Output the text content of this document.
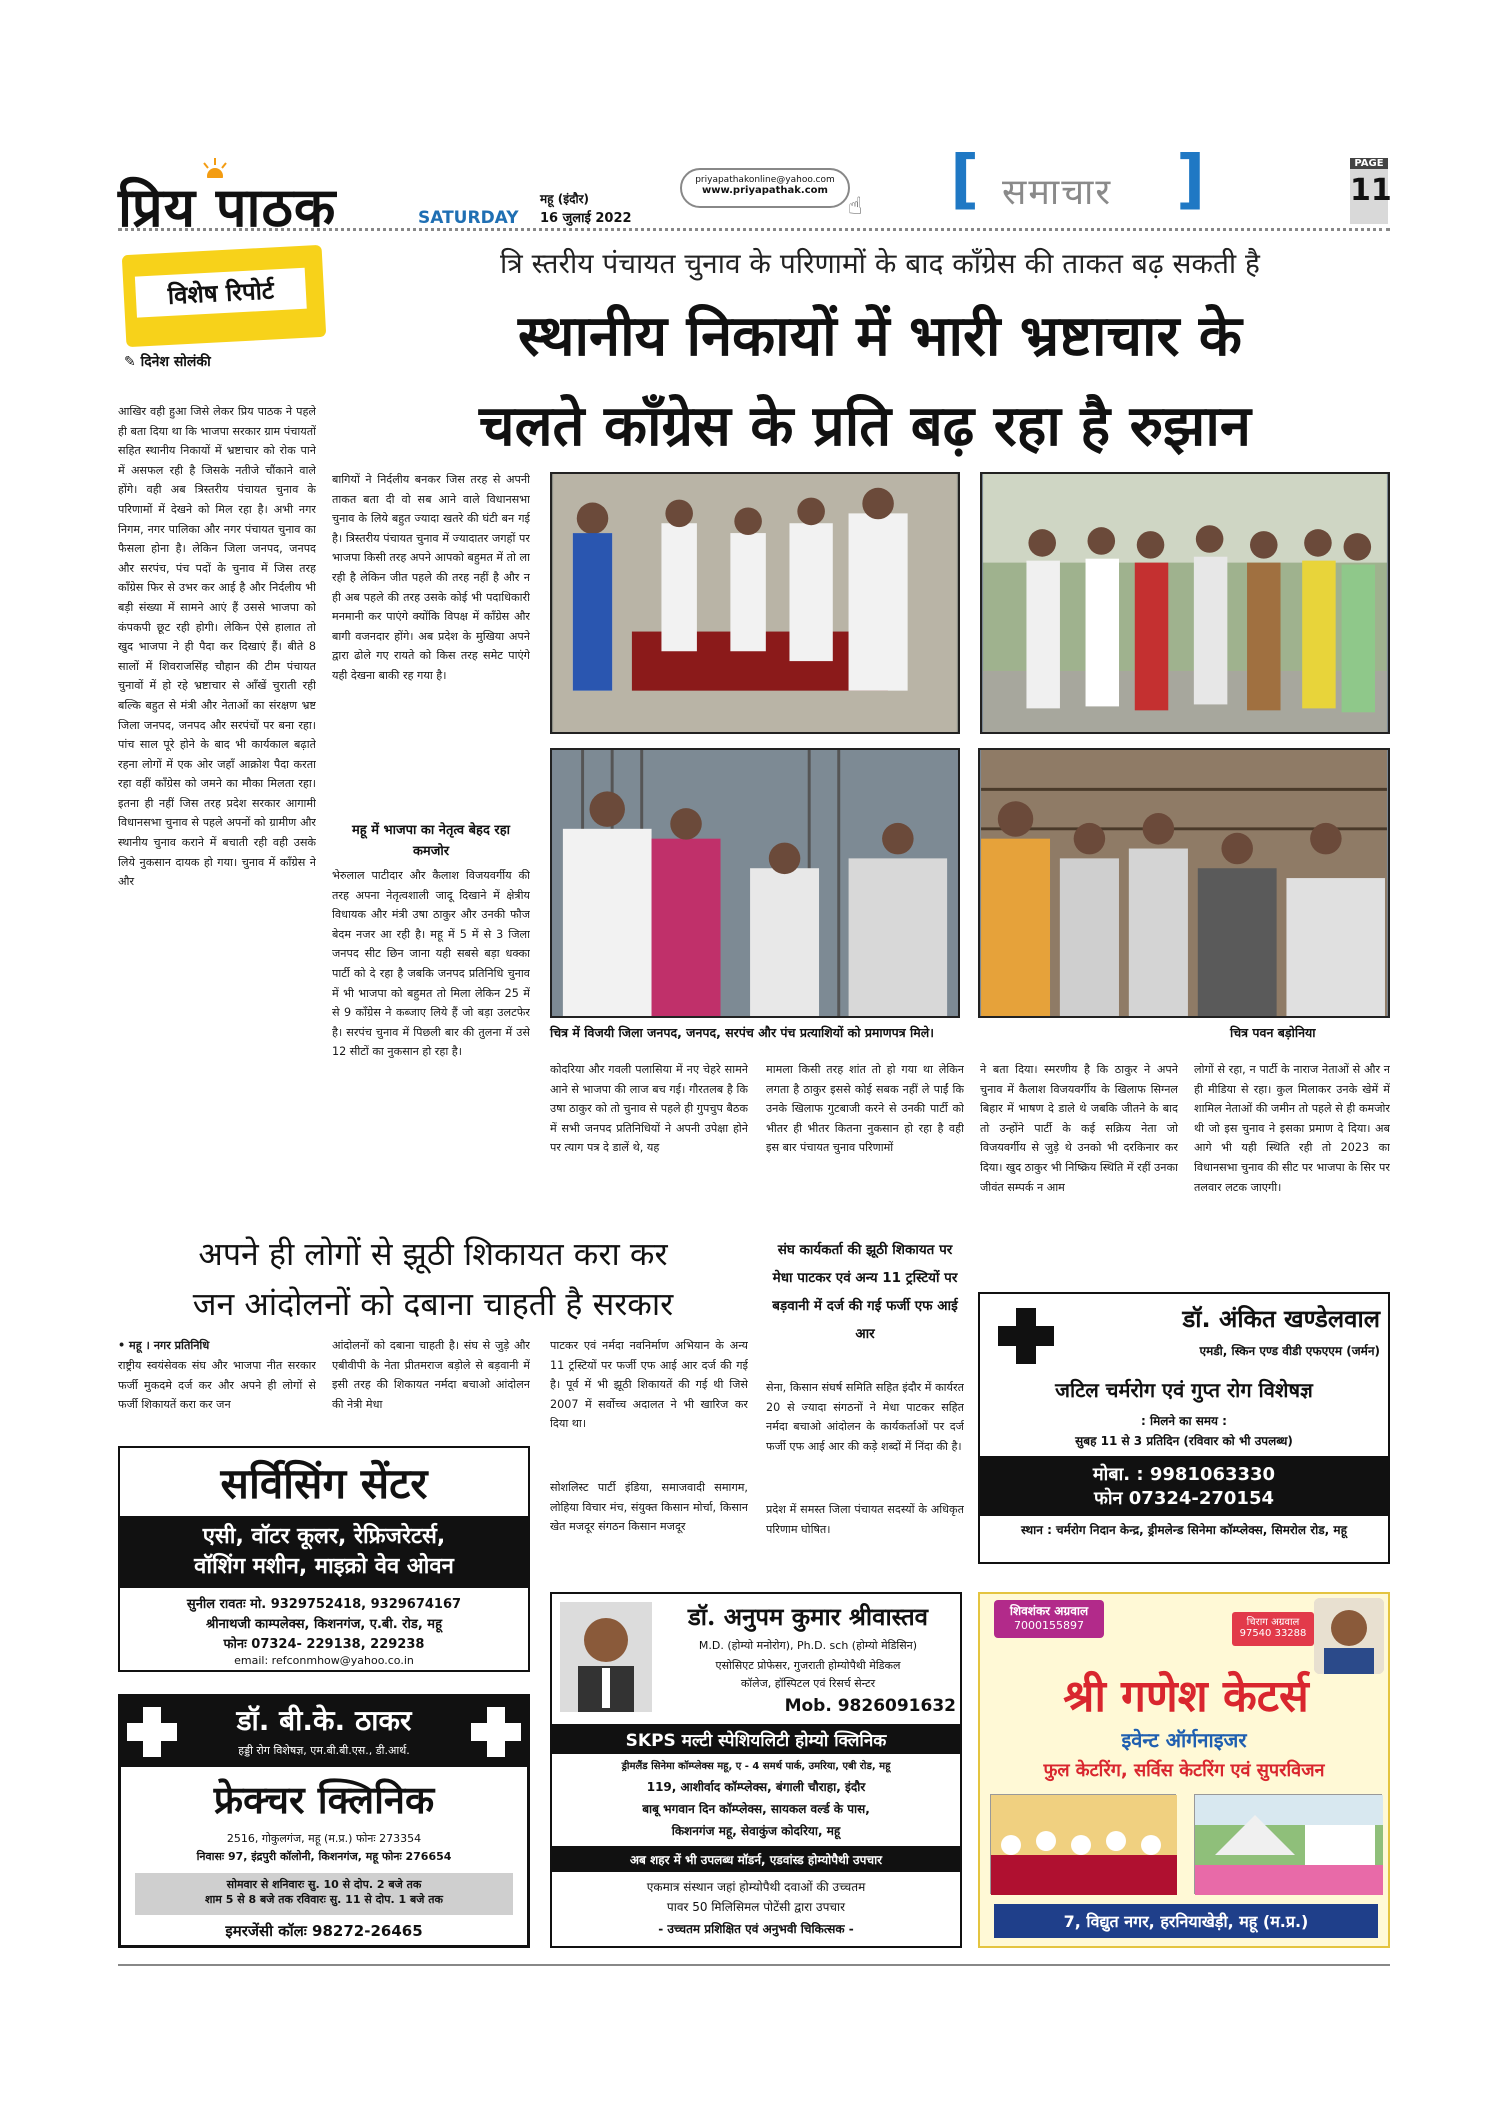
प्रिय पाठक	SATURDAY
महू (इंदौर)
16 जुलाई 2022
priyapathakonline@yahoo.com
www.priyapathak.com
☝ [ समाचार ]	PAGE
11
विशेष रिपोर्ट
✎ दिनेश सोलंकी
त्रि स्तरीय पंचायत चुनाव के परिणामों के बाद कॉंग्रेस की ताकत बढ़ सकती है
स्थानीय निकायों में भारी भ्रष्टाचार के
चलते कॉंग्रेस के प्रति बढ़ रहा है रुझान
आखिर वही हुआ जिसे लेकर प्रिय पाठक ने पहले ही बता दिया था कि भाजपा सरकार ग्राम पंचायतों सहित स्थानीय निकायों में भ्रष्टाचार को रोक पाने में असफल रही है जिसके नतीजे चौंकाने वाले होंगे। वही अब त्रिस्तरीय पंचायत चुनाव के परिणामों में देखने को मिल रहा है। अभी नगर निगम, नगर पालिका और नगर पंचायत चुनाव का फैसला होना है। लेकिन जिला जनपद, जनपद और सरपंच, पंच पदों के चुनाव में जिस तरह कॉंग्रेस फिर से उभर कर आई है और निर्दलीय भी बड़ी संख्या में सामने आएं हैं उससे भाजपा को कंपकपी छूट रही होगी। लेकिन ऐसे हालात तो खुद भाजपा ने ही पैदा कर दिखाएं हैं। बीते 8 सालों में शिवराजसिंह चौहान की टीम पंचायत चुनावों में हो रहे भ्रष्टाचार से आँखें चुराती रही बल्कि बहुत से मंत्री और नेताओं का संरक्षण भ्रष्ट जिला जनपद, जनपद और सरपंचों पर बना रहा। पांच साल पूरे होने के बाद भी कार्यकाल बढ़ाते रहना लोगों में एक ओर जहाँ आक्रोश पैदा करता रहा वहीं कॉंग्रेस को जमने का मौका मिलता रहा। इतना ही नहीं जिस तरह प्रदेश सरकार आगामी विधानसभा चुनाव से पहले अपनों को ग्रामीण और स्थानीय चुनाव कराने में बचाती रही वही उसके लिये नुकसान दायक हो गया। चुनाव में कॉंग्रेस ने और
बागियों ने निर्दलीय बनकर जिस तरह से अपनी ताकत बता दी वो सब आने वाले विधानसभा चुनाव के लिये बहुत ज्यादा खतरे की घंटी बन गई है। त्रिस्तरीय पंचायत चुनाव में ज्यादातर जगहों पर भाजपा किसी तरह अपने आपको बहुमत में तो ला रही है लेकिन जीत पहले की तरह नहीं है और न ही अब पहले की तरह उसके कोई भी पदाधिकारी मनमानी कर पाएंगे क्योंकि विपक्ष में कॉंग्रेस और बागी वजनदार होंगे। अब प्रदेश के मुखिया अपने द्वारा ढोले गए रायते को किस तरह समेट पाएंगे यही देखना बाकी रह गया है।
महू में भाजपा का नेतृत्व बेहद रहा कमजोर
भेरुलाल पाटीदार और कैलाश विजयवर्गीय की तरह अपना नेतृत्वशाली जादू दिखाने में क्षेत्रीय विधायक और मंत्री उषा ठाकुर और उनकी फौज बेदम नजर आ रही है। महू में 5 में से 3 जिला जनपद सीट छिन जाना यही सबसे बड़ा धक्का पार्टी को दे रहा है जबकि जनपद प्रतिनिधि चुनाव में भी भाजपा को बहुमत तो मिला लेकिन 25 में से 9 कॉंग्रेस ने कब्जाए लिये हैं जो बड़ा उलटफेर है। सरपंच चुनाव में पिछली बार की तुलना में उसे 12 सीटों का नुकसान हो रहा है।
चित्र में विजयी जिला जनपद, जनपद, सरपंच और पंच प्रत्याशियों को प्रमाणपत्र मिले।	चित्र पवन बड़ोनिया
कोदरिया और गवली पलासिया में नए चेहरे सामने आने से भाजपा की लाज बच गई। गौरतलब है कि उषा ठाकुर को तो चुनाव से पहले ही गुपचुप बैठक में सभी जनपद प्रतिनिधियों ने अपनी उपेक्षा होने पर त्याग पत्र दे डालें थे, यह
मामला किसी तरह शांत तो हो गया था लेकिन लगता है ठाकुर इससे कोई सबक नहीं ले पाईं कि उनके खिलाफ गुटबाजी करने से उनकी पार्टी को भीतर ही भीतर कितना नुकसान हो रहा है वही इस बार पंचायत चुनाव परिणामों
ने बता दिया। स्मरणीय है कि ठाकुर ने अपने चुनाव में कैलाश विजयवर्गीय के खिलाफ सिग्नल बिहार में भाषण दे डाले थे जबकि जीतने के बाद तो उन्होंने पार्टी के कई सक्रिय नेता जो विजयवर्गीय से जुड़े थे उनको भी दरकिनार कर दिया। खुद ठाकुर भी निष्क्रिय स्थिति में रहीं उनका जीवंत सम्पर्क न आम
लोगों से रहा, न पार्टी के नाराज नेताओं से और न ही मीडिया से रहा। कुल मिलाकर उनके खेमें में शामिल नेताओं की जमीन तो पहले से ही कमजोर थी जो इस चुनाव ने इसका प्रमाण दे दिया। अब आगे भी यही स्थिति रही तो 2023 का विधानसभा चुनाव की सीट पर भाजपा के सिर पर तलवार लटक जाएगी।
अपने ही लोगों से झूठी शिकायत करा कर
जन आंदोलनों को दबाना चाहती है सरकार
• महू । नगर प्रतिनिधि
राष्ट्रीय स्वयंसेवक संघ और भाजपा नीत सरकार फर्जी मुकदमे दर्ज कर और अपने ही लोगों से फर्जी शिकायतें करा कर जन
आंदोलनों को दबाना चाहती है। संघ से जुड़े और एबीवीपी के नेता प्रीतमराज बड़ोले से बड़वानी में इसी तरह की शिकायत नर्मदा बचाओ आंदोलन की नेत्री मेधा
पाटकर एवं नर्मदा नवनिर्माण अभियान के अन्य 11 ट्रस्टियों पर फर्जी एफ आई आर दर्ज की गई है। पूर्व में भी झूठी शिकायतें की गई थी जिसे 2007 में सर्वोच्च अदालत ने भी खारिज कर दिया था।
सोशलिस्ट पार्टी इंडिया, समाजवादी समागम, लोहिया विचार मंच, संयुक्त किसान मोर्चा, किसान खेत मजदूर संगठन किसान मजदूर
संघ कार्यकर्ता की झूठी शिकायत पर मेधा पाटकर एवं अन्य 11 ट्रस्टियों पर बड़वानी में दर्ज की गई फर्जी एफ आई आर
सेना, किसान संघर्ष समिति सहित इंदौर में कार्यरत 20 से ज्यादा संगठनों ने मेधा पाटकर सहित नर्मदा बचाओ आंदोलन के कार्यकर्ताओं पर दर्ज फर्जी एफ आई आर की कड़े शब्दों में निंदा की है।
प्रदेश में समस्त जिला पंचायत सदस्यों के अधिकृत परिणाम घोषित।
डॉ. अंकित खण्डेलवाल
एमडी, स्किन एण्ड वीडी एफएएम (जर्मन)
जटिल चर्मरोग एवं गुप्त रोग विशेषज्ञ
: मिलने का समय :
सुबह 11 से 3 प्रतिदिन (रविवार को भी उपलब्ध)
मोबा. : 9981063330
फोन 07324-270154
स्थान : चर्मरोग निदान केन्द्र, ड्रीमलेन्ड सिनेमा कॉम्प्लेक्स, सिमरोल रोड, महू
सर्विसिंग सेंटर
एसी, वॉटर कूलर, रेफ्रिजरेटर्स,
वॉशिंग मशीन, माइक्रो वेव ओवन
सुनील रावतः मो. 9329752418, 9329674167
श्रीनाथजी काम्पलेक्स, किशनगंज, ए.बी. रोड, महू
फोनः 07324- 229138, 229238
email: refconmhow@yahoo.co.in
डॉ. बी.के. ठाकर
हड्डी रोग विशेषज्ञ, एम.बी.बी.एस., डी.आर्थ.
फ्रेक्चर क्लिनिक
2516, गोकुलगंज, महू (म.प्र.) फोनः 273354
निवासः 97, इंद्रपुरी कॉलोनी, किशनगंज, महू फोनः 276654
सोमवार से शनिवारः सु. 10 से दोप. 2 बजे तक
शाम 5 से 8 बजे तक रविवारः सु. 11 से दोप. 1 बजे तक
इमरजेंसी कॉलः 98272-26465
डॉ. अनुपम कुमार श्रीवास्तव
M.D. (होम्यो मनोरोग), Ph.D. sch (होम्यो मेडिसिन)
एसोसिएट प्रोफेसर, गुजराती होम्योपैथी मेडिकल
कॉलेज, हॉस्पिटल एवं रिसर्च सेन्टर
Mob. 9826091632
SKPS मल्टी स्पेशियलिटी होम्यो क्लिनिक
ड्रीमलैंड सिनेमा कॉम्प्लेक्स महू, ए - 4 समर्थ पार्क, उमरिया, एबी रोड, महू
119, आशीर्वाद कॉम्प्लेक्स, बंगाली चौराहा, इंदौर
बाबू भगवान दिन कॉम्प्लेक्स, सायकल वर्ल्ड के पास,
किशनगंज महू, सेवाकुंज कोदरिया, महू
अब शहर में भी उपलब्ध मॉडर्न, एडवांस्ड होम्योपैथी उपचार
एकमात्र संस्थान जहां होम्योपैथी दवाओं की उच्चतम
पावर 50 मिलिसिमल पोटेंसी द्वारा उपचार
- उच्चतम प्रशिक्षित एवं अनुभवी चिकित्सक -
शिवशंकर अग्रवाल
7000155897	चिराग अग्रवाल
97540 33288
श्री गणेश केटर्स
इवेन्ट ऑर्गनाइजर
फुल केटरिंग, सर्विस केटरिंग एवं सुपरविजन
7, विद्युत नगर, हरनियाखेड़ी, महू (म.प्र.)
